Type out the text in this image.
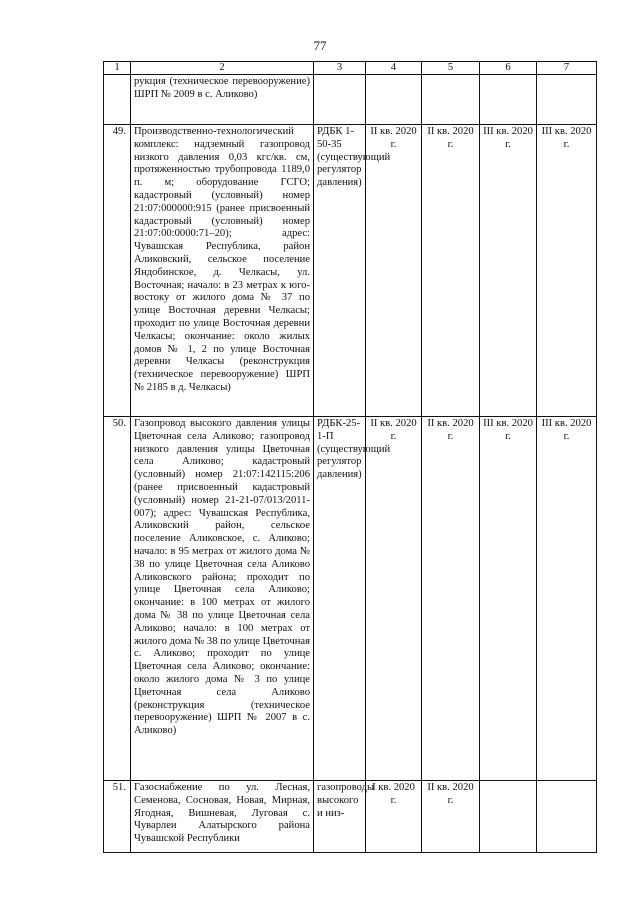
77
1	2	3	4	5	6	7
	рукция (техническое перевооружение) ШРП № 2009 в с. Аликово)					
49.	Производственно-технологический комплекс: надземный газопровод низкого давления 0,03 кгс/кв. см, протяженностью трубопровода 1189,0 п. м; оборудование ГСГО; кадастровый (условный) номер 21:07:000000:915 (ранее присвоенный кадастровый (условный) номер 21:07:00:0000:71–20); адрес: Чувашская Республика, район Аликовский, сельское поселение Яндобинское, д. Челкасы, ул. Восточная; начало: в 23 метрах к юго-востоку от жилого дома № 37 по улице Восточная деревни Челкасы; проходит по улице Восточная деревни Челкасы; окончание: около жилых домов № 1, 2 по улице Восточная деревни Челкасы (реконструкция (техническое перевооружение) ШРП № 2185 в д. Челкасы)	РДБК 1-50-35 (существующий регулятор давления)	II кв. 2020 г.	II кв. 2020 г.	III кв. 2020 г.	III кв. 2020 г.
50.	Газопровод высокого давления улицы Цветочная села Аликово; газопровод низкого давления улицы Цветочная села Аликово; кадастровый (условный) номер 21:07:142115:206 (ранее присвоенный кадастровый (условный) номер 21-21-07/013/2011-007); адрес: Чувашская Республика, Аликовский район, сельское поселение Аликовское, с. Аликово; начало: в 95 метрах от жилого дома № 38 по улице Цветочная села Аликово Аликовского района; проходит по улице Цветочная села Аликово; окончание: в 100 метрах от жилого дома № 38 по улице Цветочная села Аликово; начало: в 100 метрах от жилого дома № 38 по улице Цветочная с. Аликово; проходит по улице Цветочная села Аликово; окончание: около жилого дома № 3 по улице Цветочная села Аликово (реконструкция (техническое перевооружение) ШРП № 2007 в с. Аликово)	РДБК-25-1-П (существующий регулятор давления)	II кв. 2020 г.	II кв. 2020 г.	III кв. 2020 г.	III кв. 2020 г.
51.	Газоснабжение по ул. Лесная, Семенова, Сосновая, Новая, Мирная, Ягодная, Вишневая, Луговая с. Чуварлеи Алатырского района Чувашской Республики	газопроводы высокого и низ-	I кв. 2020 г.	II кв. 2020 г.		
